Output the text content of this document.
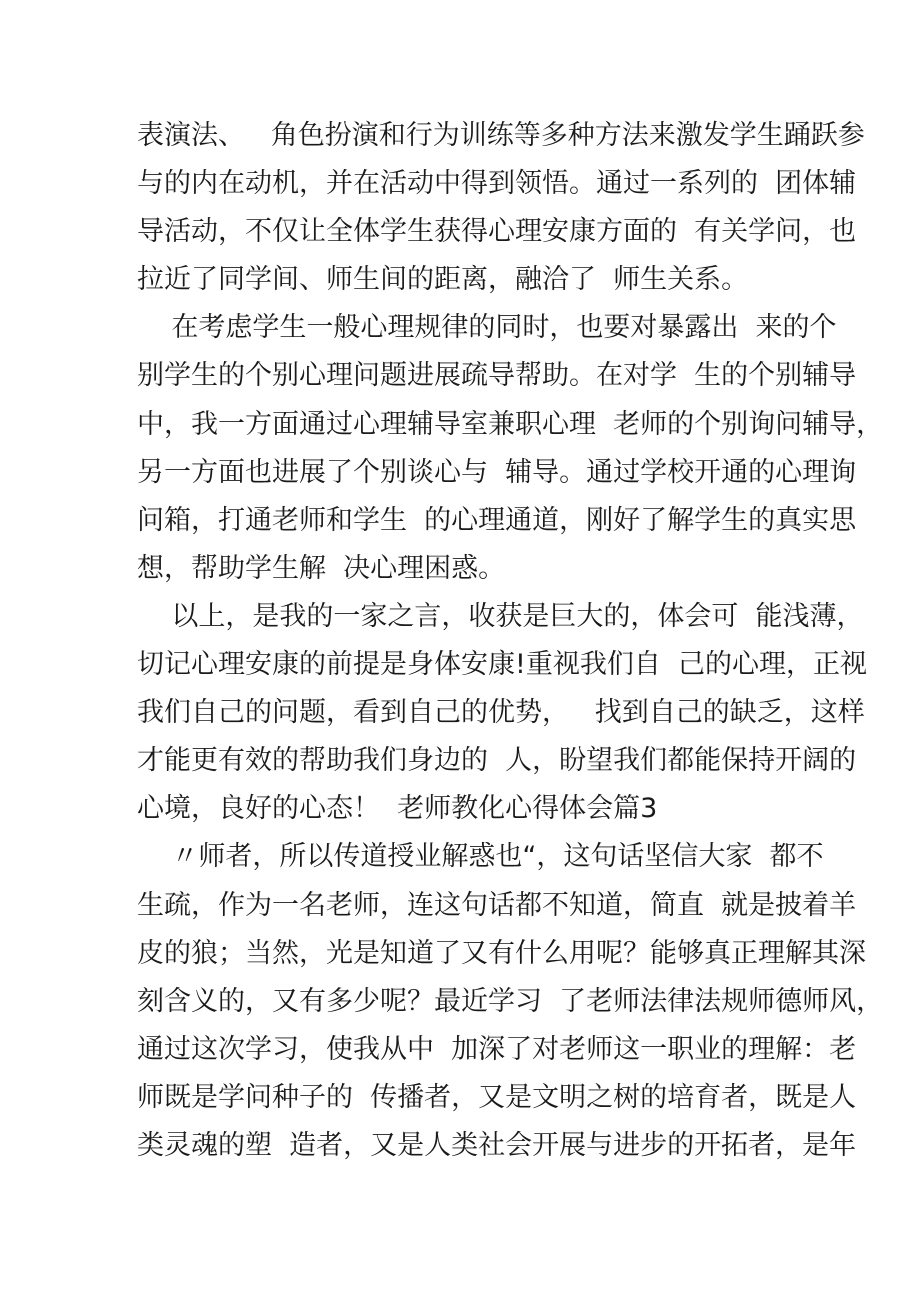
表演法、   角色扮演和行为训练等多种方法来激发学生踊跃参
与的内在动机，并在活动中得到领悟。通过一系列的  团体辅
导活动，不仅让全体学生获得心理安康方面的  有关学问，也
拉近了同学间、师生间的距离，融洽了  师生关系。
在考虑学生一般心理规律的同时，也要对暴露出  来的个
别学生的个别心理问题进展疏导帮助。在对学  生的个别辅导
中，我一方面通过心理辅导室兼职心理  老师的个别询问辅导，
另一方面也进展了个别谈心与  辅导。通过学校开通的心理询
问箱，打通老师和学生  的心理通道，刚好了解学生的真实思
想，帮助学生解  决心理困惑。
以上，是我的一家之言，收获是巨大的，体会可  能浅薄，
切记心理安康的前提是身体安康!重视我们自  己的心理，正视
我们自己的问题，看到自己的优势，   找到自己的缺乏，这样
才能更有效的帮助我们身边的  人，盼望我们都能保持开阔的
心境，良好的心态！  老师教化心得体会篇3
〃师者，所以传道授业解惑也“，这句话坚信大家  都不
生疏，作为一名老师，连这句话都不知道，简直  就是披着羊
皮的狼；当然，光是知道了又有什么用呢？能够真正理解其深
刻含义的，又有多少呢？最近学习  了老师法律法规师德师风，
通过这次学习，使我从中  加深了对老师这一职业的理解：老
师既是学问种子的  传播者，又是文明之树的培育者，既是人
类灵魂的塑  造者，又是人类社会开展与进步的开拓者，是年
